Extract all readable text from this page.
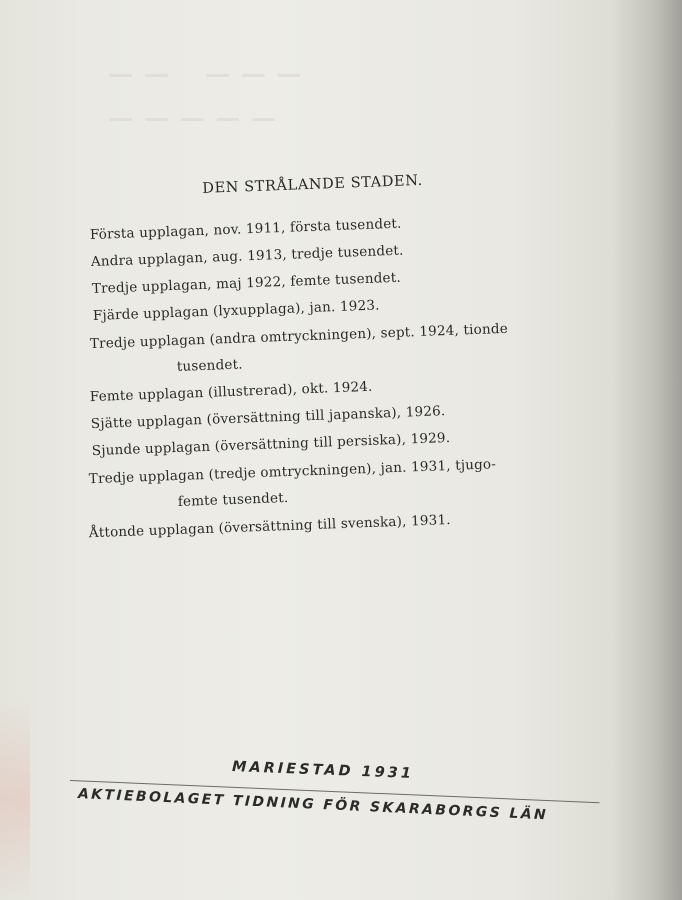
── ───
─────
DEN STRÅLANDE STADEN.
Första upplagan, nov. 1911, första tusendet.
Andra upplagan, aug. 1913, tredje tusendet.
Tredje upplagan, maj 1922, femte tusendet.
Fjärde upplagan (lyxupplaga), jan. 1923.
Tredje upplagan (andra omtryckningen), sept. 1924, tionde
tusendet.
Femte upplagan (illustrerad), okt. 1924.
Sjätte upplagan (översättning till japanska), 1926.
Sjunde upplagan (översättning till persiska), 1929.
Tredje upplagan (tredje omtryckningen), jan. 1931, tjugo-
femte tusendet.
Åttonde upplagan (översättning till svenska), 1931.
MARIESTAD 1931
AKTIEBOLAGET TIDNING FÖR SKARABORGS LÄN
